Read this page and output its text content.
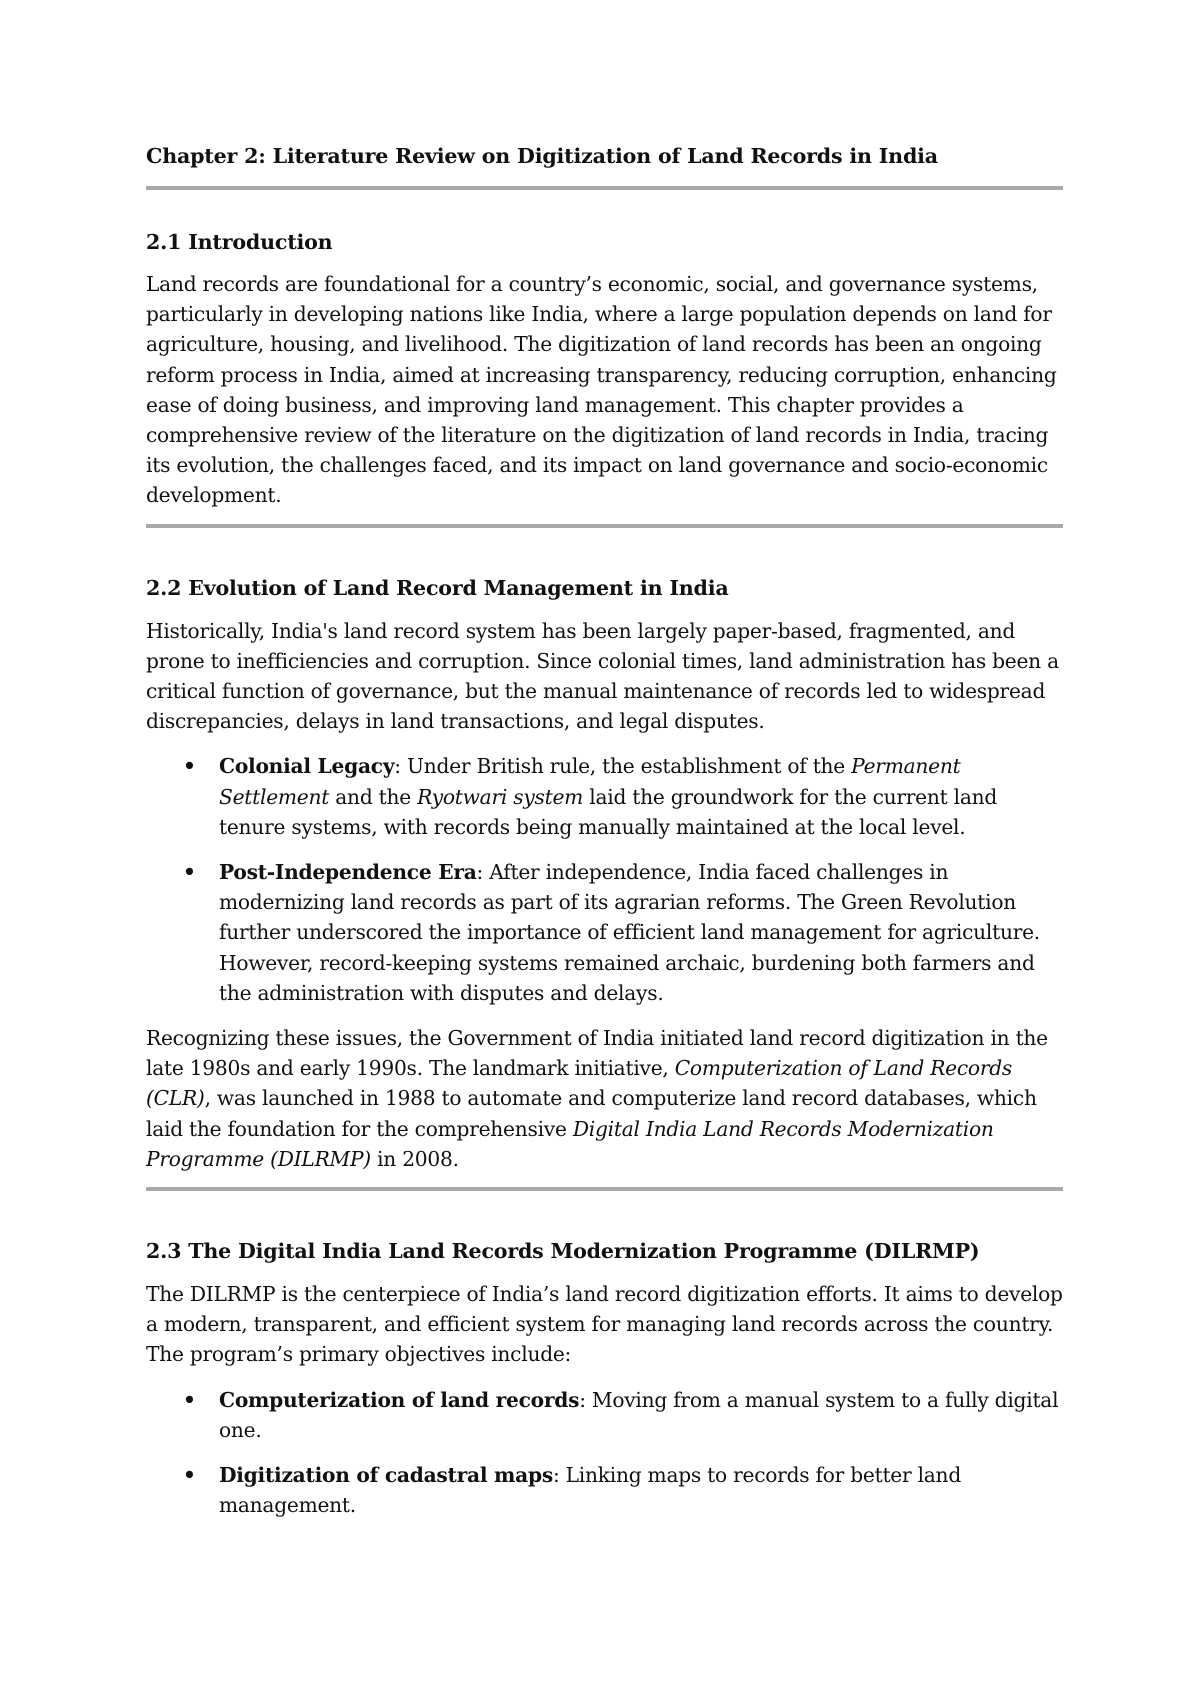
Chapter 2: Literature Review on Digitization of Land Records in India
2.1 Introduction

Land records are foundational for a country’s economic, social, and governance systems, particularly in developing nations like India, where a large population depends on land for agriculture, housing, and livelihood. The digitization of land records has been an ongoing reform process in India, aimed at increasing transparency, reducing corruption, enhancing ease of doing business, and improving land management. This chapter provides a comprehensive review of the literature on the digitization of land records in India, tracing its evolution, the challenges faced, and its impact on land governance and socio-economic development.

2.2 Evolution of Land Record Management in India

Historically, India's land record system has been largely paper-based, fragmented, and prone to inefficiencies and corruption. Since colonial times, land administration has been a critical function of governance, but the manual maintenance of records led to widespread discrepancies, delays in land transactions, and legal disputes.

• Colonial Legacy: Under British rule, the establishment of the Permanent Settlement and the Ryotwari system laid the groundwork for the current land tenure systems, with records being manually maintained at the local level.
• Post-Independence Era: After independence, India faced challenges in modernizing land records as part of its agrarian reforms. The Green Revolution further underscored the importance of efficient land management for agriculture. However, record-keeping systems remained archaic, burdening both farmers and the administration with disputes and delays.

Recognizing these issues, the Government of India initiated land record digitization in the late 1980s and early 1990s. The landmark initiative, Computerization of Land Records (CLR), was launched in 1988 to automate and computerize land record databases, which laid the foundation for the comprehensive Digital India Land Records Modernization Programme (DILRMP) in 2008.

2.3 The Digital India Land Records Modernization Programme (DILRMP)

The DILRMP is the centerpiece of India’s land record digitization efforts. It aims to develop a modern, transparent, and efficient system for managing land records across the country. The program’s primary objectives include:

• Computerization of land records: Moving from a manual system to a fully digital one.
• Digitization of cadastral maps: Linking maps to records for better land management.
